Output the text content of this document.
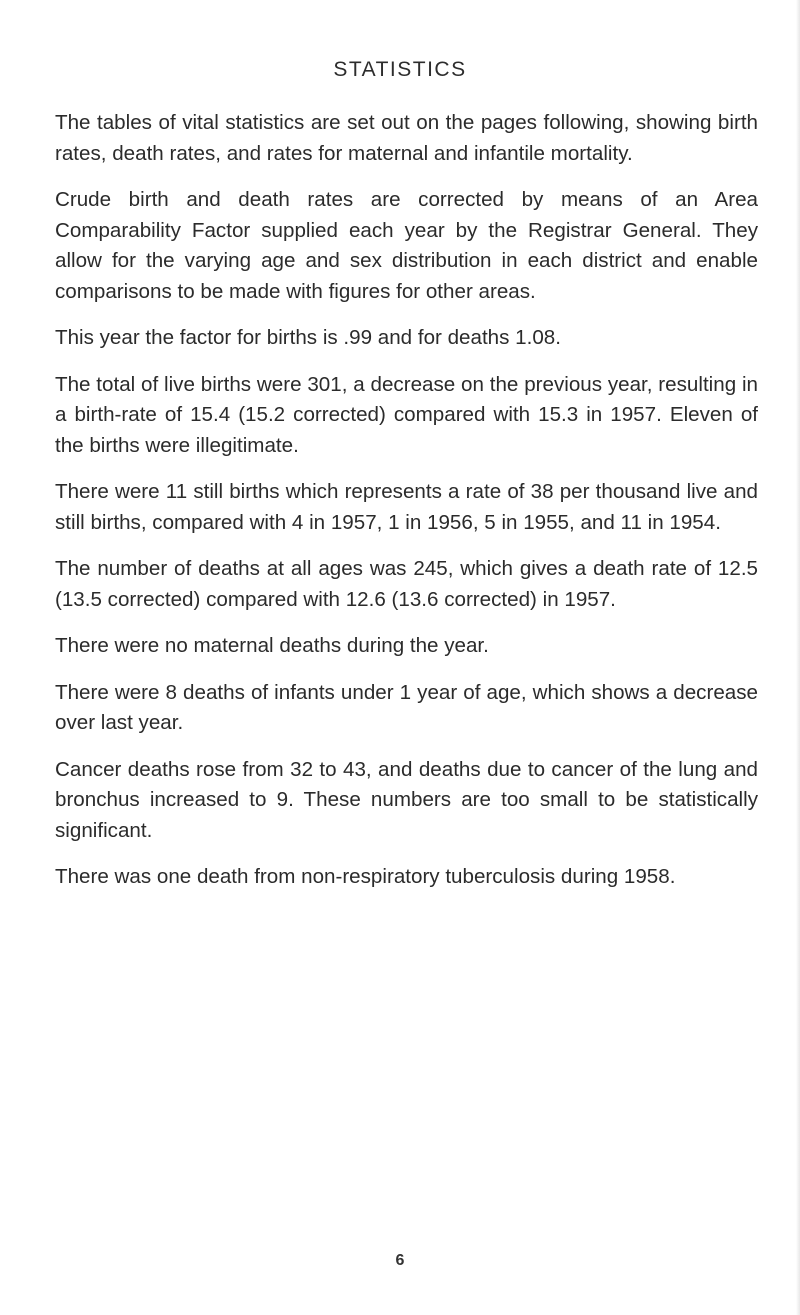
STATISTICS

The tables of vital statistics are set out on the pages following, showing birth rates, death rates, and rates for maternal and infantile mortality.

Crude birth and death rates are corrected by means of an Area Comparability Factor supplied each year by the Registrar General. They allow for the varying age and sex distribution in each district and enable comparisons to be made with figures for other areas.

This year the factor for births is .99 and for deaths 1.08.

The total of live births were 301, a decrease on the previous year, resulting in a birth-rate of 15.4 (15.2 corrected) compared with 15.3 in 1957. Eleven of the births were illegitimate.

There were 11 still births which represents a rate of 38 per thousand live and still births, compared with 4 in 1957, 1 in 1956, 5 in 1955, and 11 in 1954.

The number of deaths at all ages was 245, which gives a death rate of 12.5 (13.5 corrected) compared with 12.6 (13.6 corrected) in 1957.

There were no maternal deaths during the year.

There were 8 deaths of infants under 1 year of age, which shows a decrease over last year.

Cancer deaths rose from 32 to 43, and deaths due to cancer of the lung and bronchus increased to 9. These numbers are too small to be statistically significant.

There was one death from non-respiratory tuberculosis during 1958.

6
